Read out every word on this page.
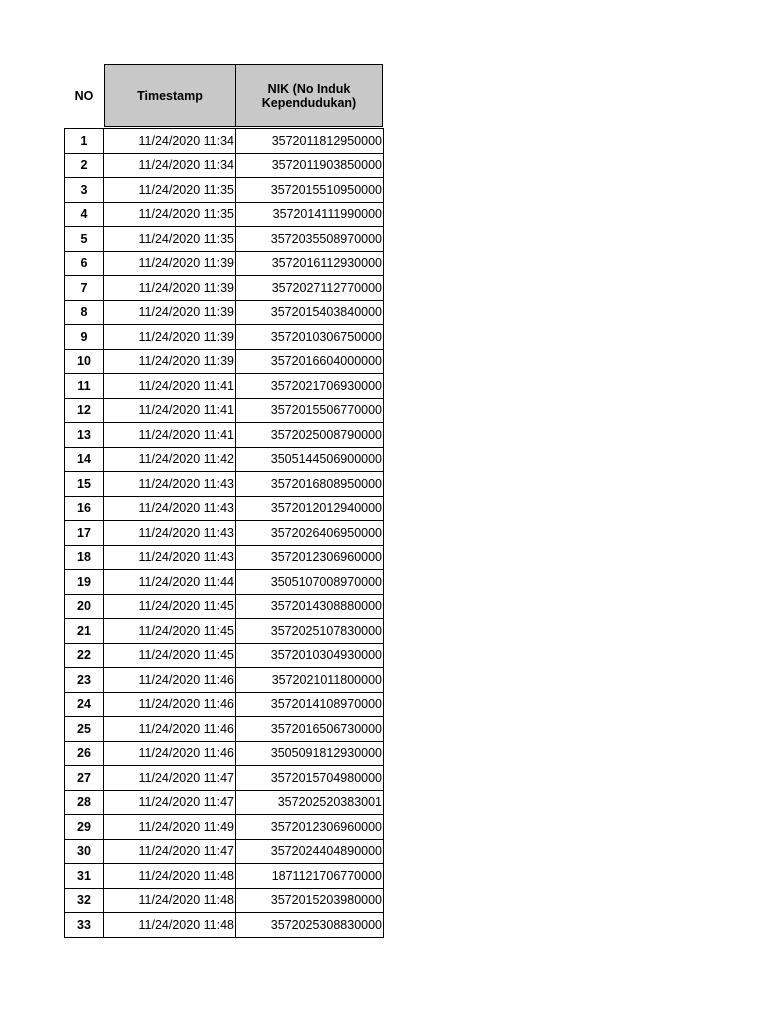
NO	Timestamp	NIK (No Induk Kependudukan)
1	11/24/2020 11:34	3572011812950000
2	11/24/2020 11:34	3572011903850000
3	11/24/2020 11:35	3572015510950000
4	11/24/2020 11:35	3572014111990000
5	11/24/2020 11:35	3572035508970000
6	11/24/2020 11:39	3572016112930000
7	11/24/2020 11:39	3572027112770000
8	11/24/2020 11:39	3572015403840000
9	11/24/2020 11:39	3572010306750000
10	11/24/2020 11:39	3572016604000000
11	11/24/2020 11:41	3572021706930000
12	11/24/2020 11:41	3572015506770000
13	11/24/2020 11:41	3572025008790000
14	11/24/2020 11:42	3505144506900000
15	11/24/2020 11:43	3572016808950000
16	11/24/2020 11:43	3572012012940000
17	11/24/2020 11:43	3572026406950000
18	11/24/2020 11:43	3572012306960000
19	11/24/2020 11:44	3505107008970000
20	11/24/2020 11:45	3572014308880000
21	11/24/2020 11:45	3572025107830000
22	11/24/2020 11:45	3572010304930000
23	11/24/2020 11:46	3572021011800000
24	11/24/2020 11:46	3572014108970000
25	11/24/2020 11:46	3572016506730000
26	11/24/2020 11:46	3505091812930000
27	11/24/2020 11:47	3572015704980000
28	11/24/2020 11:47	357202520383001
29	11/24/2020 11:49	3572012306960000
30	11/24/2020 11:47	3572024404890000
31	11/24/2020 11:48	1871121706770000
32	11/24/2020 11:48	3572015203980000
33	11/24/2020 11:48	3572025308830000
